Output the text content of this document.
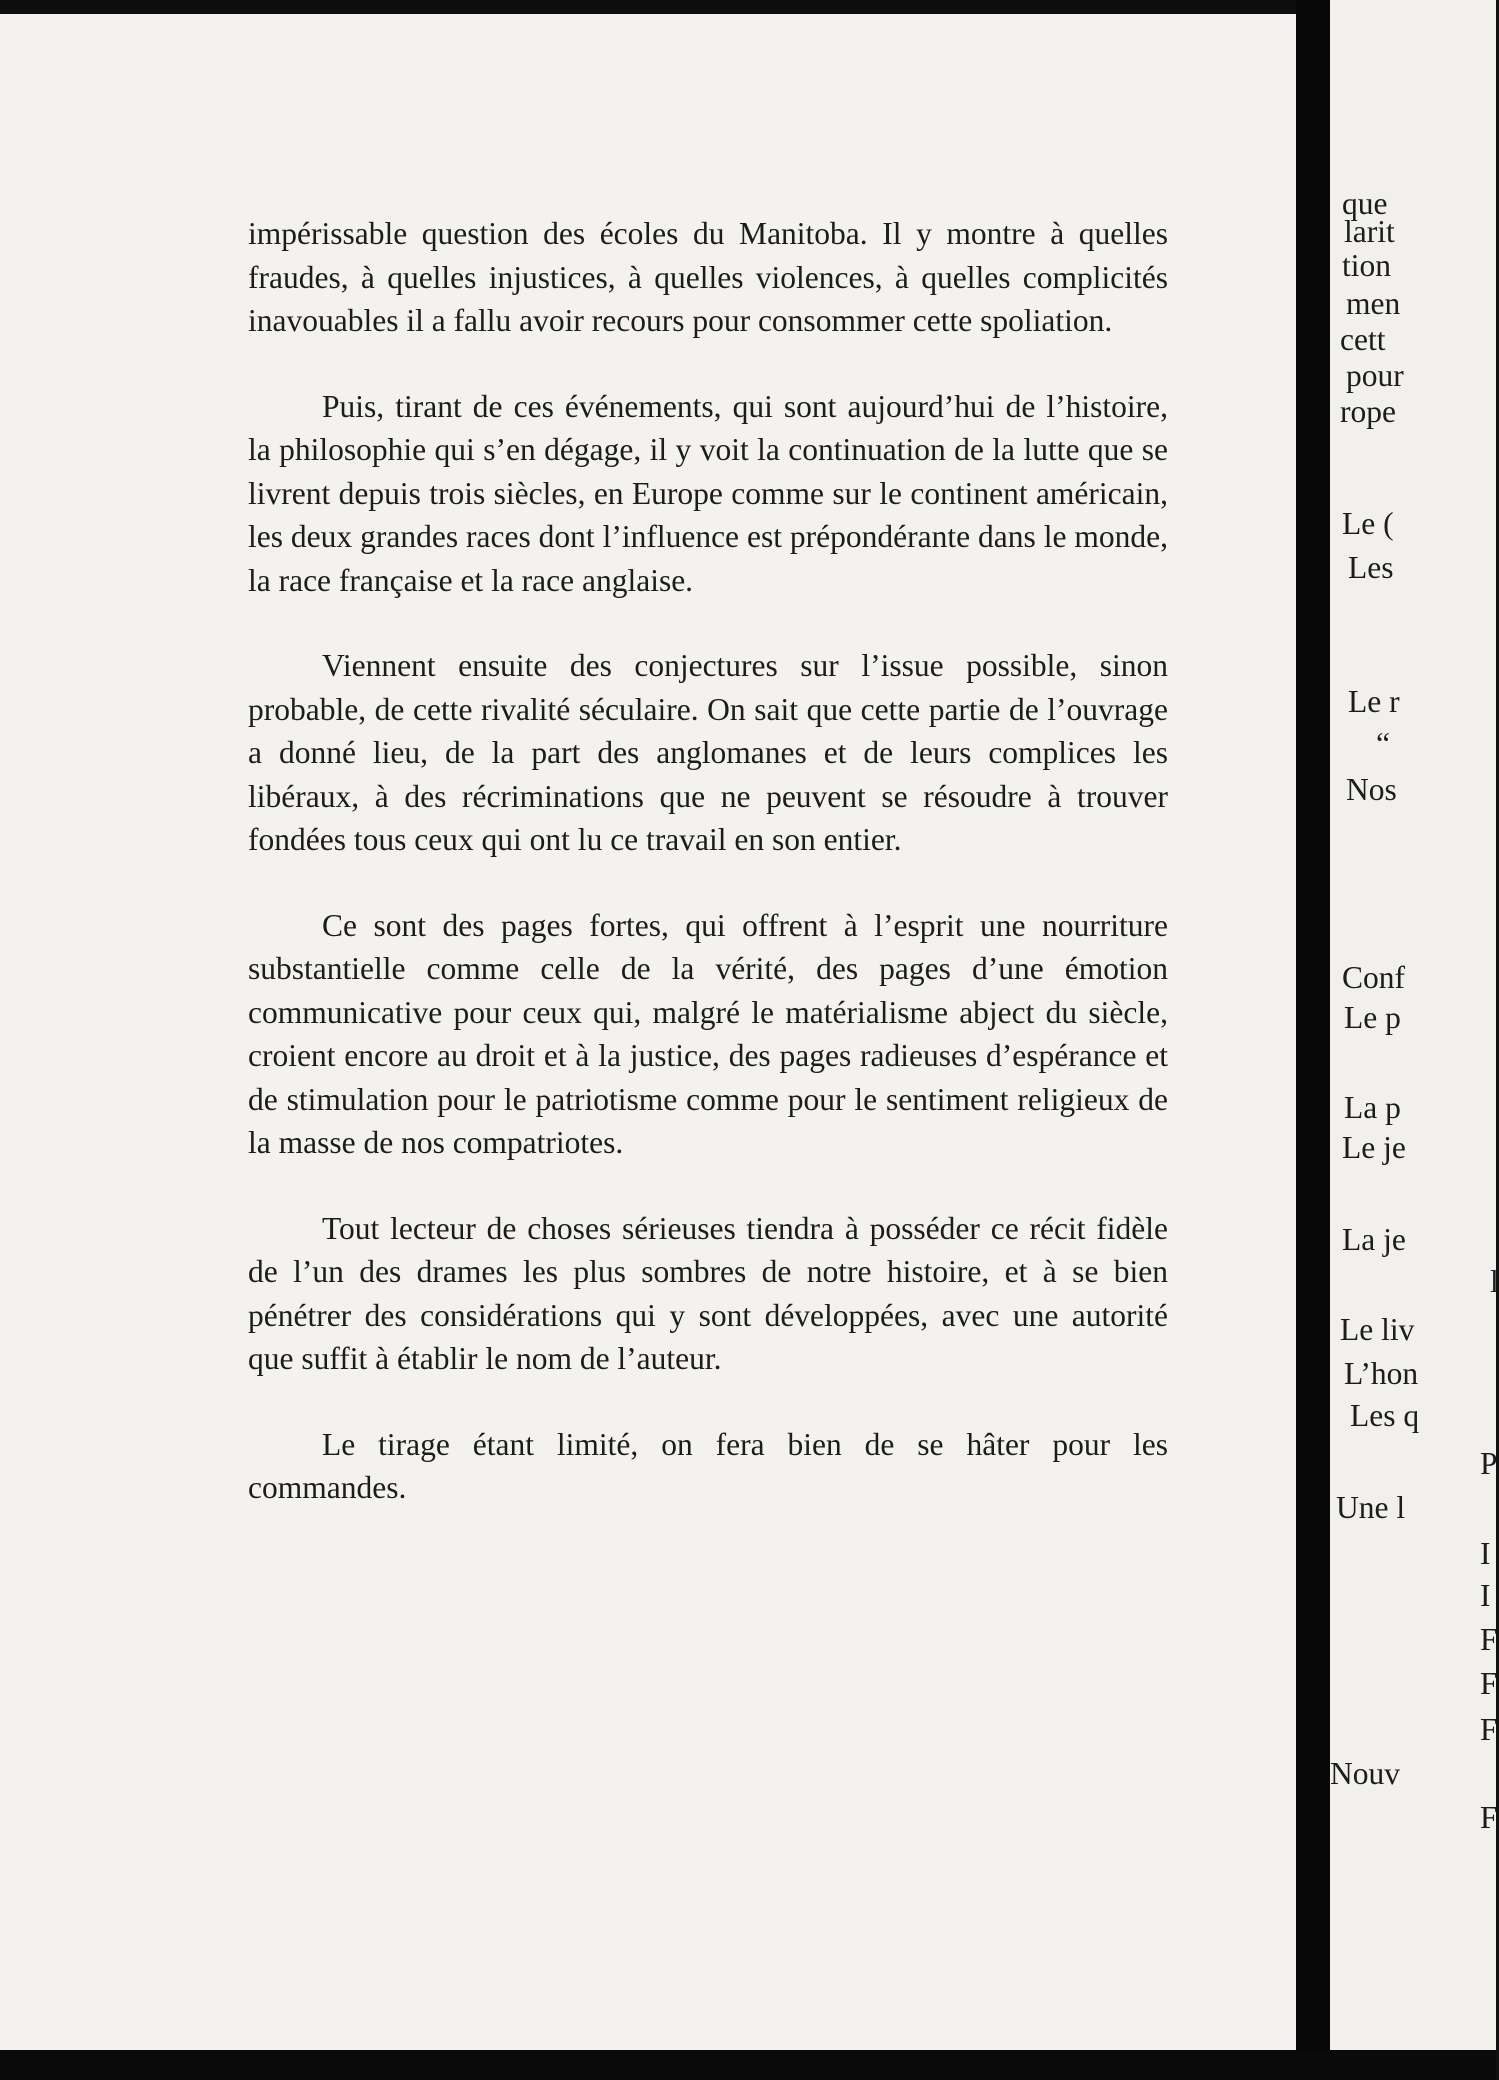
impérissable question des écoles du Manitoba. Il y montre à quelles fraudes, à quelles injustices, à quelles violences, à quelles complicités inavouables il a fallu avoir recours pour consommer cette spoliation.

Puis, tirant de ces événements, qui sont aujourd’hui de l’histoire, la philosophie qui s’en dégage, il y voit la continuation de la lutte que se livrent depuis trois siècles, en Europe comme sur le continent américain, les deux grandes races dont l’influence est prépondérante dans le monde, la race française et la race anglaise.

Viennent ensuite des conjectures sur l’issue possible, sinon probable, de cette rivalité séculaire. On sait que cette partie de l’ouvrage a donné lieu, de la part des anglomanes et de leurs complices les libéraux, à des récriminations que ne peuvent se résoudre à trouver fondées tous ceux qui ont lu ce travail en son entier.

Ce sont des pages fortes, qui offrent à l’esprit une nourriture substantielle comme celle de la vérité, des pages d’une émotion communicative pour ceux qui, malgré le matérialisme abject du siècle, croient encore au droit et à la justice, des pages radieuses d’espérance et de stimulation pour le patriotisme comme pour le sentiment religieux de la masse de nos compatriotes.

Tout lecteur de choses sérieuses tiendra à posséder ce récit fidèle de l’un des drames les plus sombres de notre histoire, et à se bien pénétrer des considérations qui y sont développées, avec une autorité que suffit à établir le nom de l’auteur.

Le tirage étant limité, on fera bien de se hâter pour les commandes.

que
larit
tion
men
cett
pour
rope
Le (
Les
Le r
“
Nos
Conf
Le p
La p
Le je
La je
l
Le liv
L’hon
Les q
P
Une l
I
I
F
F
F
Nouv
F
